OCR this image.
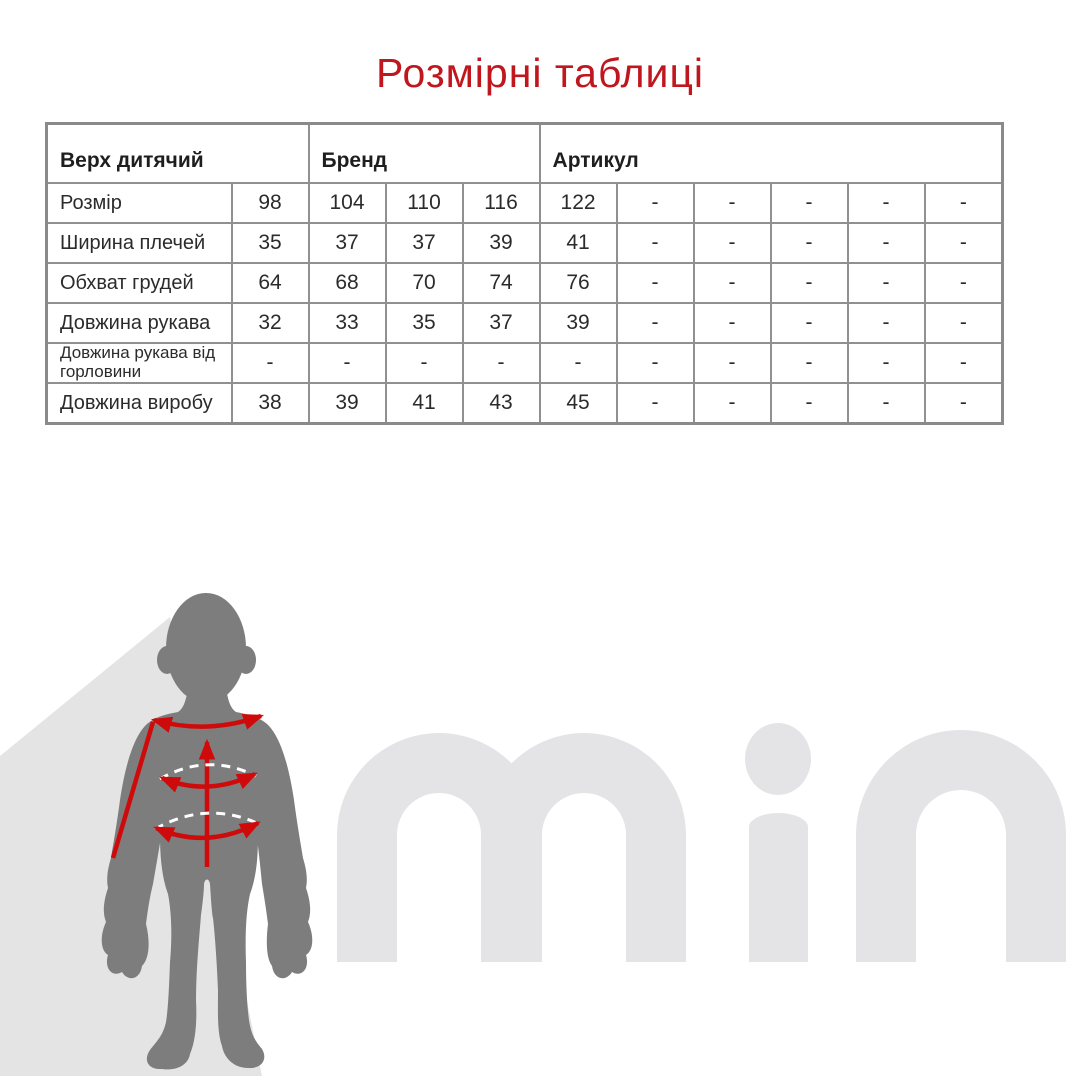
Розмірні таблиці
Верх дитячий		Бренд			Артикул					
Розмір	98	104	110	116	122	-	-	-	-	-
Ширина плечей	35	37	37	39	41	-	-	-	-	-
Обхват грудей	64	68	70	74	76	-	-	-	-	-
Довжина рукава	32	33	35	37	39	-	-	-	-	-
Довжина рукава від горловини	-	-	-	-	-	-	-	-	-	-
Довжина виробу	38	39	41	43	45	-	-	-	-	-
